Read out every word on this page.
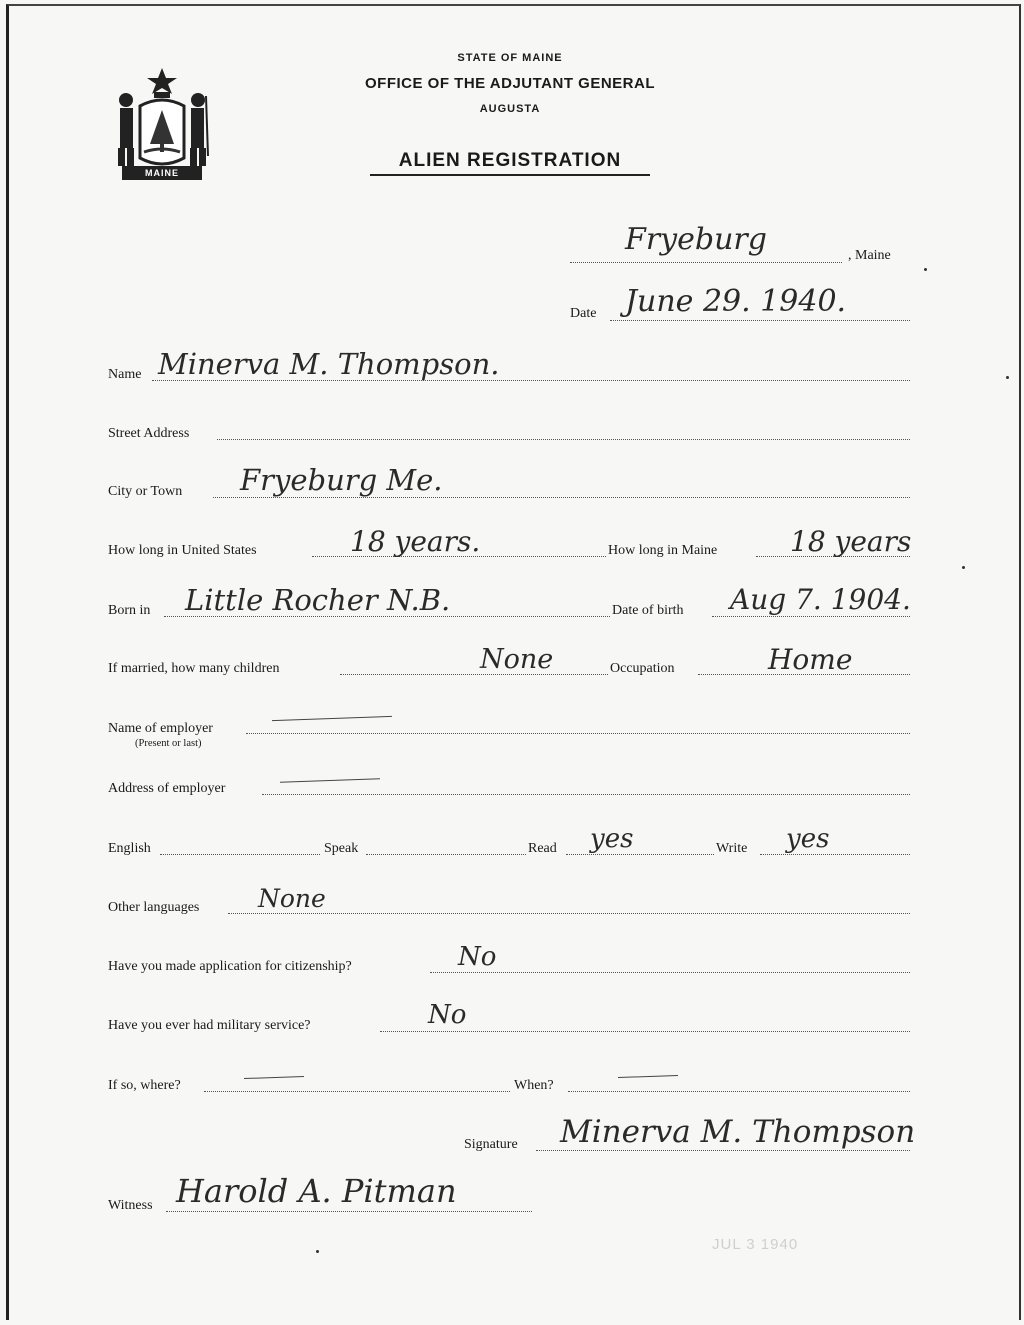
MAINE
STATE OF MAINE
OFFICE OF THE ADJUTANT GENERAL
AUGUSTA
ALIEN REGISTRATION
Fryeburg	, Maine
Date June 29. 1940.
Name Minerva M. Thompson.
Street Address
City or Town Fryeburg Me.
How long in United States	18 years.	How long in Maine	18 years
Born in Little Rocher N.B.	Date of birth Aug 7. 1904.
If married, how many children	None	Occupation	Home
Name of employer
(Present or last)
Address of employer
English	Speak	Read yes	Write yes
Other languages None
Have you made application for citizenship?	No
Have you ever had military service?	No
If so, where?	When?
Signature Minerva M. Thompson
Witness Harold A. Pitman
JUL 3 1940
